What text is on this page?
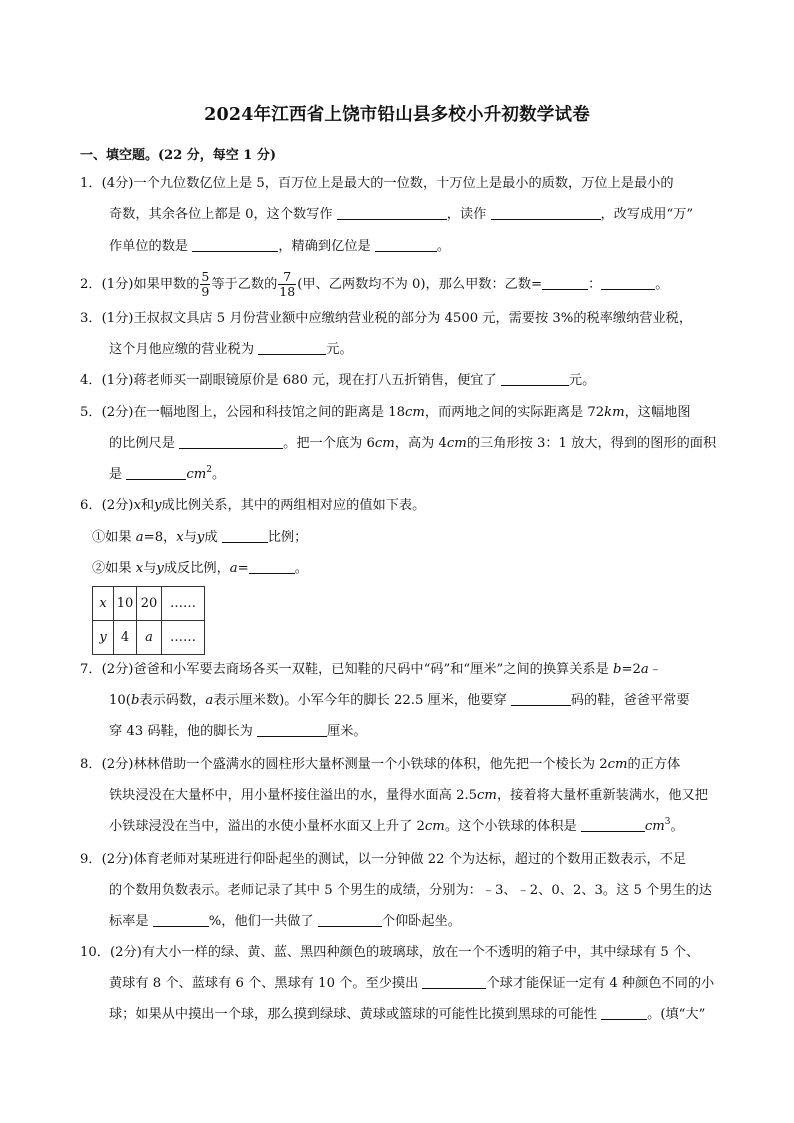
2024年江西省上饶市铅山县多校小升初数学试卷
一、填空题。(22 分，每空 1 分)
1．(4分)一个九位数亿位上是 5，百万位上是最大的一位数，十万位上是最小的质数，万位上是最小的
奇数，其余各位上都是 0，这个数写作	，读作	，改写成用“万”
作单位的数是	，精确到亿位是	。
2．(1分)如果甲数的 $\frac{5}{9}$ 等于乙数的 $\frac{7}{18}$ (甲、乙两数均不为 0)，那么甲数：乙数=	：	。
3．(1分)王叔叔文具店 5 月份营业额中应缴纳营业税的部分为 4500 元，需要按 3%的税率缴纳营业税，
这个月他应缴的营业税为	元。
4．(1分)蒋老师买一副眼镜原价是 680 元，现在打八五折销售，便宜了	元。
5．(2分)在一幅地图上，公园和科技馆之间的距离是 18cm，而两地之间的实际距离是 72km，这幅地图
的比例尺是	。把一个底为 6cm，高为 4cm的三角形按 3：1 放大，得到的图形的面积
是	$cm^2$。
6．(2分)x和y成比例关系，其中的两组相对应的值如下表。
①如果 a=8，x与y成	比例；
②如果 x与y成反比例，a=	。
x	10	20	……
y	4	a	……
7．(2分)爸爸和小军要去商场各买一双鞋，已知鞋的尺码中“码”和“厘米”之间的换算关系是 b=2a﹣
10(b表示码数，a表示厘米数)。小军今年的脚长 22.5 厘米，他要穿	码的鞋，爸爸平常要
穿 43 码鞋，他的脚长为	厘米。
8．(2分)林林借助一个盛满水的圆柱形大量杯测量一个小铁球的体积，他先把一个棱长为 2cm的正方体
铁块浸没在大量杯中，用小量杯接住溢出的水，量得水面高 2.5cm，接着将大量杯重新装满水，他又把
小铁球浸没在当中，溢出的水使小量杯水面又上升了 2cm。这个小铁球的体积是	$cm^3$。
9．(2分)体育老师对某班进行仰卧起坐的测试，以一分钟做 22 个为达标，超过的个数用正数表示，不足
的个数用负数表示。老师记录了其中 5 个男生的成绩，分别为：﹣3、﹣2、0、2、3。这 5 个男生的达
标率是	%，他们一共做了	个仰卧起坐。
10．(2分)有大小一样的绿、黄、蓝、黑四种颜色的玻璃球，放在一个不透明的箱子中，其中绿球有 5 个、
黄球有 8 个、蓝球有 6 个、黑球有 10 个。至少摸出	个球才能保证一定有 4 种颜色不同的小
球；如果从中摸出一个球，那么摸到绿球、黄球或篮球的可能性比摸到黑球的可能性	。(填“大”
